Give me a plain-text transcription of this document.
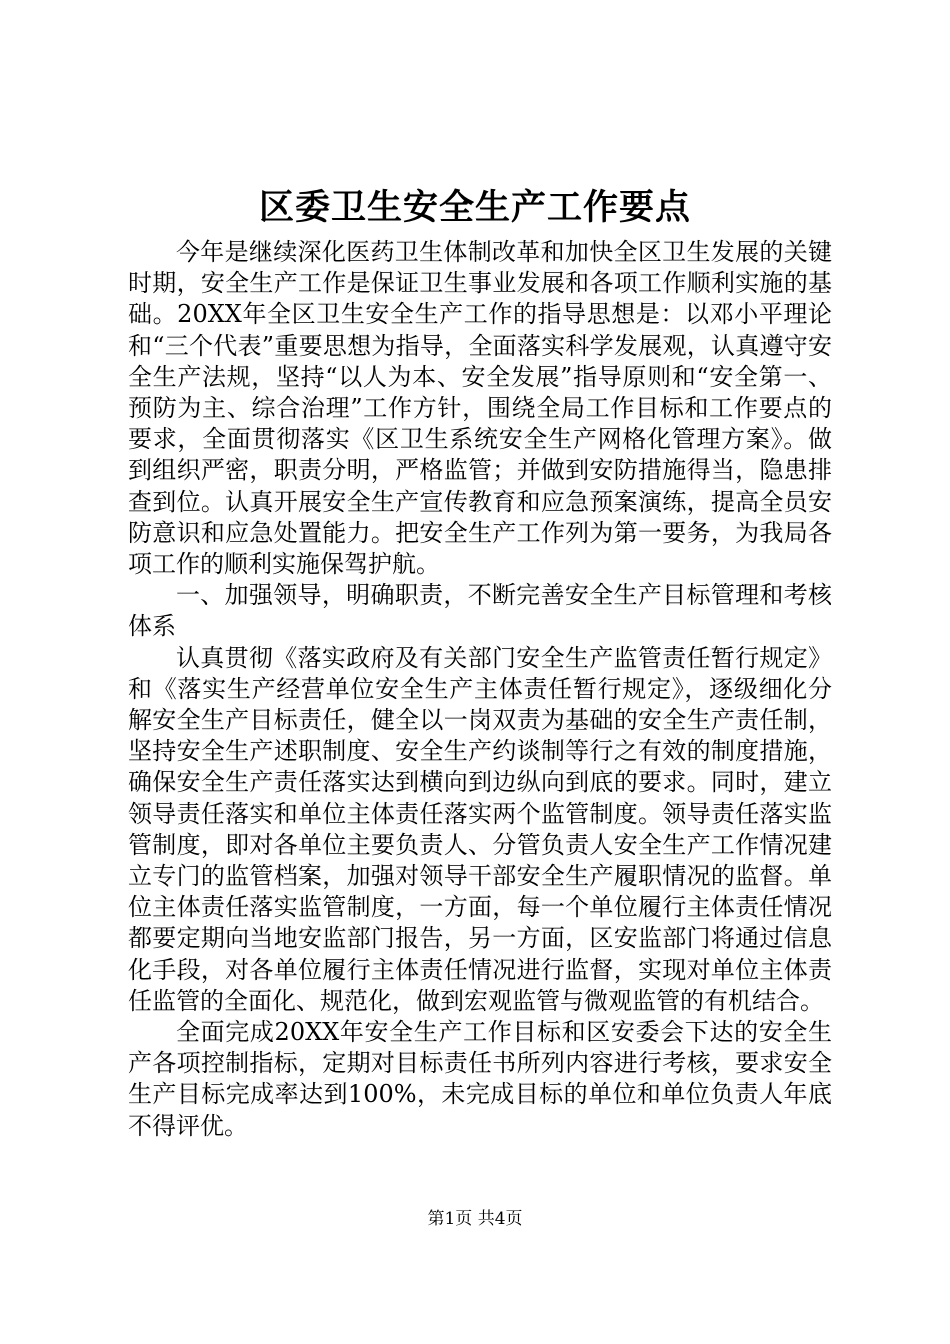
区委卫生安全生产工作要点

今年是继续深化医药卫生体制改革和加快全区卫生发展的关键时期，安全生产工作是保证卫生事业发展和各项工作顺利实施的基础。20XX年全区卫生安全生产工作的指导思想是：以邓小平理论和“三个代表”重要思想为指导，全面落实科学发展观，认真遵守安全生产法规，坚持“以人为本、安全发展”指导原则和“安全第一、预防为主、综合治理”工作方针，围绕全局工作目标和工作要点的要求，全面贯彻落实《区卫生系统安全生产网格化管理方案》。做到组织严密，职责分明，严格监管；并做到安防措施得当，隐患排查到位。认真开展安全生产宣传教育和应急预案演练，提高全员安防意识和应急处置能力。把安全生产工作列为第一要务，为我局各项工作的顺利实施保驾护航。

一、加强领导，明确职责，不断完善安全生产目标管理和考核体系

认真贯彻《落实政府及有关部门安全生产监管责任暂行规定》和《落实生产经营单位安全生产主体责任暂行规定》，逐级细化分解安全生产目标责任，健全以一岗双责为基础的安全生产责任制，坚持安全生产述职制度、安全生产约谈制等行之有效的制度措施，确保安全生产责任落实达到横向到边纵向到底的要求。同时，建立领导责任落实和单位主体责任落实两个监管制度。领导责任落实监管制度，即对各单位主要负责人、分管负责人安全生产工作情况建立专门的监管档案，加强对领导干部安全生产履职情况的监督。单位主体责任落实监管制度，一方面，每一个单位履行主体责任情况都要定期向当地安监部门报告，另一方面，区安监部门将通过信息化手段，对各单位履行主体责任情况进行监督，实现对单位主体责任监管的全面化、规范化，做到宏观监管与微观监管的有机结合。

全面完成20XX年安全生产工作目标和区安委会下达的安全生产各项控制指标，定期对目标责任书所列内容进行考核，要求安全生产目标完成率达到100%，未完成目标的单位和单位负责人年底不得评优。

第1页 共4页
